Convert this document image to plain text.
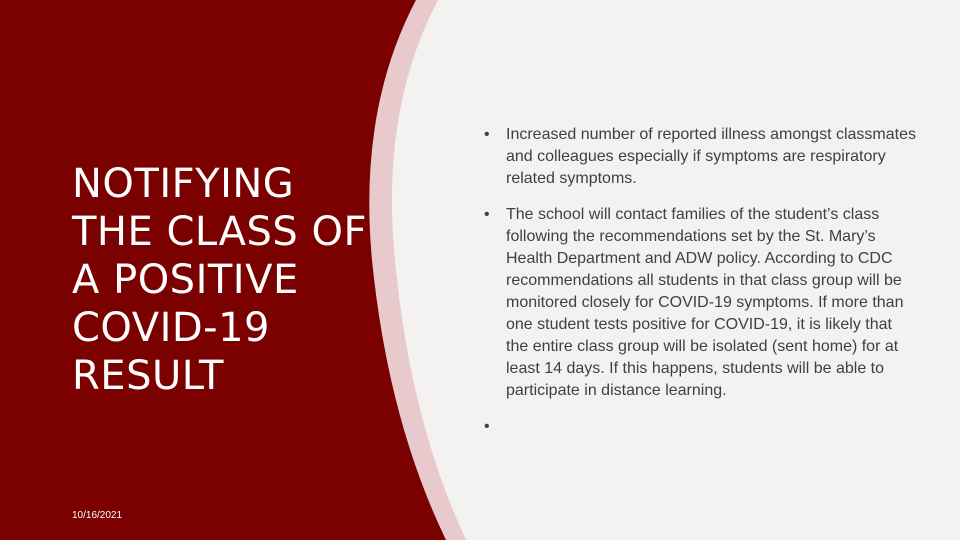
NOTIFYING THE CLASS OF A POSITIVE COVID-19 RESULT
10/16/2021
• Increased number of reported illness amongst classmates and colleagues especially if symptoms are respiratory related symptoms.
• The school will contact families of the student’s class following the recommendations set by the St. Mary’s Health Department and ADW policy. According to CDC recommendations all students in that class group will be monitored closely for COVID-19 symptoms. If more than one student tests positive for COVID-19, it is likely that the entire class group will be isolated (sent home) for at least 14 days. If this happens, students will be able to participate in distance learning.
•
